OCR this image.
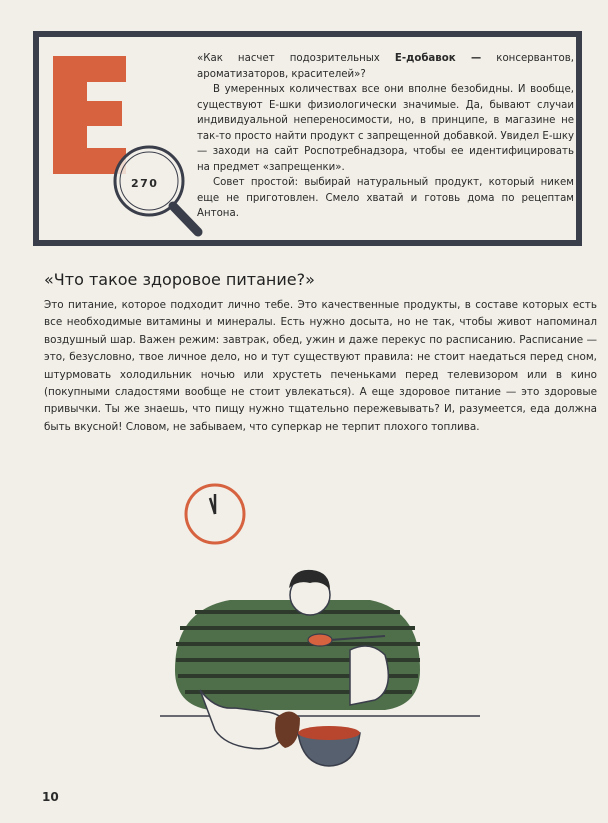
270

«Как насчет подозрительных Е-добавок — консервантов, ароматизаторов, красителей»?

В умеренных количествах все они вполне безобидны. И вообще, существуют Е-шки физиологически значимые. Да, бывают случаи индивидуальной непереносимости, но, в принципе, в магазине не так-то просто найти продукт с запрещенной добавкой. Увидел Е-шку — заходи на сайт Роспотребнадзора, чтобы ее идентифицировать на предмет «запрещенки».

Совет простой: выбирай натуральный продукт, который никем еще не приготовлен. Смело хватай и готовь дома по рецептам Антона.

«Что такое здоровое питание?»

Это питание, которое подходит лично тебе. Это качественные продукты, в составе которых есть все необходимые витамины и минералы. Есть нужно досыта, но не так, чтобы живот напоминал воздушный шар. Важен режим: завтрак, обед, ужин и даже перекус по расписанию. Расписание — это, безусловно, твое личное дело, но и тут существуют правила: не стоит наедаться перед сном, штурмовать холодильник ночью или хрустеть печеньками перед телевизором или в кино (покупными сладостями вообще не стоит увлекаться). А еще здоровое питание — это здоровые привычки. Ты же знаешь, что пищу нужно тщательно пережевывать? И, разумеется, еда должна быть вкусной! Словом, не забываем, что суперкар не терпит плохого топлива.

10
